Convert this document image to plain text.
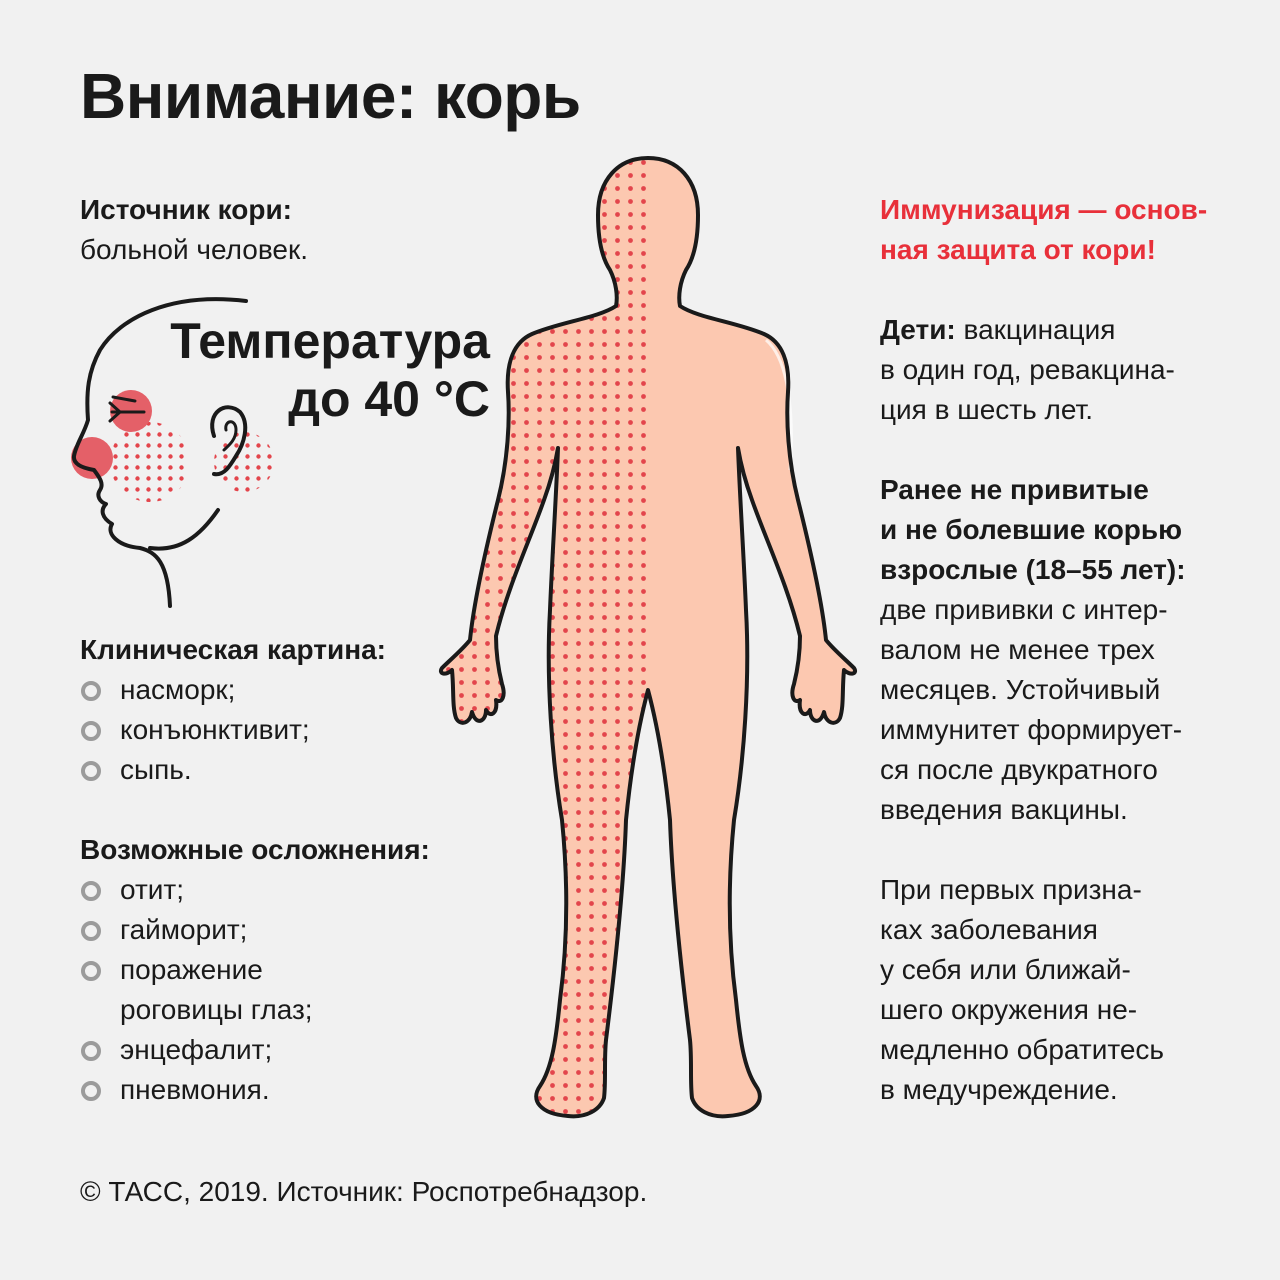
Внимание: корь
Источник кори:
больной человек.
Температура
до 40 °С
Клиническая картина:
насморк;
конъюнктивит;
сыпь.
Возможные осложнения:
отит;
гайморит;
поражение
роговицы глаз;
энцефалит;
пневмония.
Иммунизация — основ-
ная защита от кори!
Дети: вакцинация
в один год, ревакцина-
ция в шесть лет.
Ранее не привитые
и не болевшие корью
взрослые (18–55 лет):
две прививки с интер-
валом не менее трех
месяцев. Устойчивый
иммунитет формирует-
ся после двукратного
введения вакцины.
При первых призна-
ках заболевания
у себя или ближай-
шего окружения не-
медленно обратитесь
в медучреждение.
© ТАСС, 2019. Источник: Роспотребнадзор.
